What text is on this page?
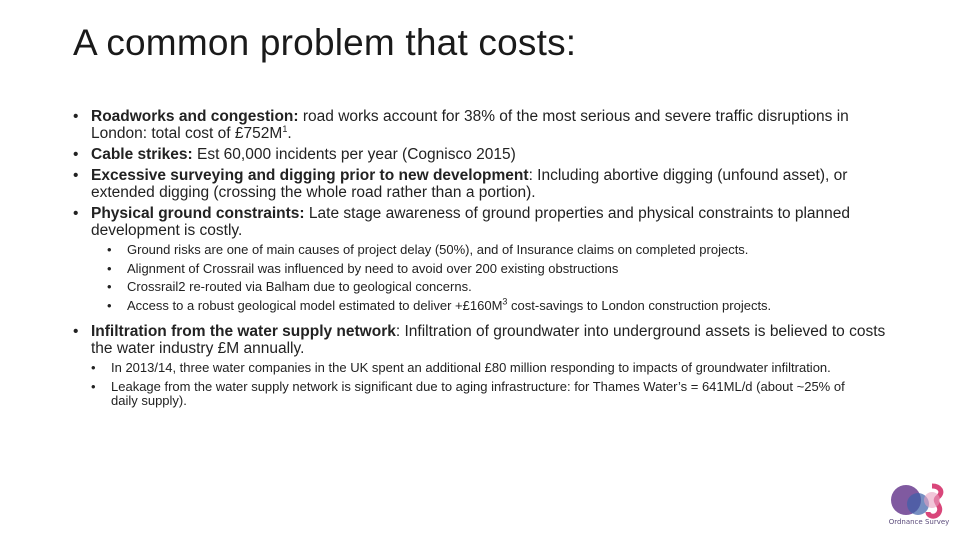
A common problem that costs:
• Roadworks and congestion: road works account for 38% of the most serious and severe traffic disruptions in London: total cost of $£752M^1$.
• Cable strikes: Est 60,000 incidents per year (Cognisco 2015)
• Excessive surveying and digging prior to new development: Including abortive digging (unfound asset), or extended digging (crossing the whole road rather than a portion).
• Physical ground constraints: Late stage awareness of ground properties and physical constraints to planned development is costly.
• Ground risks are one of main causes of project delay (50%), and of Insurance claims on completed projects.
• Alignment of Crossrail was influenced by need to avoid over 200 existing obstructions
• Crossrail2 re-routed via Balham due to geological concerns.
• Access to a robust geological model estimated to deliver $+£160M^3$ cost-savings to London construction projects.
• Infiltration from the water supply network: Infiltration of groundwater into underground assets is believed to costs the water industry £M annually.
• In 2013/14, three water companies in the UK spent an additional £80 million responding to impacts of groundwater infiltration.
• Leakage from the water supply network is significant due to aging infrastructure: for Thames Water’s = 641ML/d (about ~25% of daily supply).
Ordnance Survey
